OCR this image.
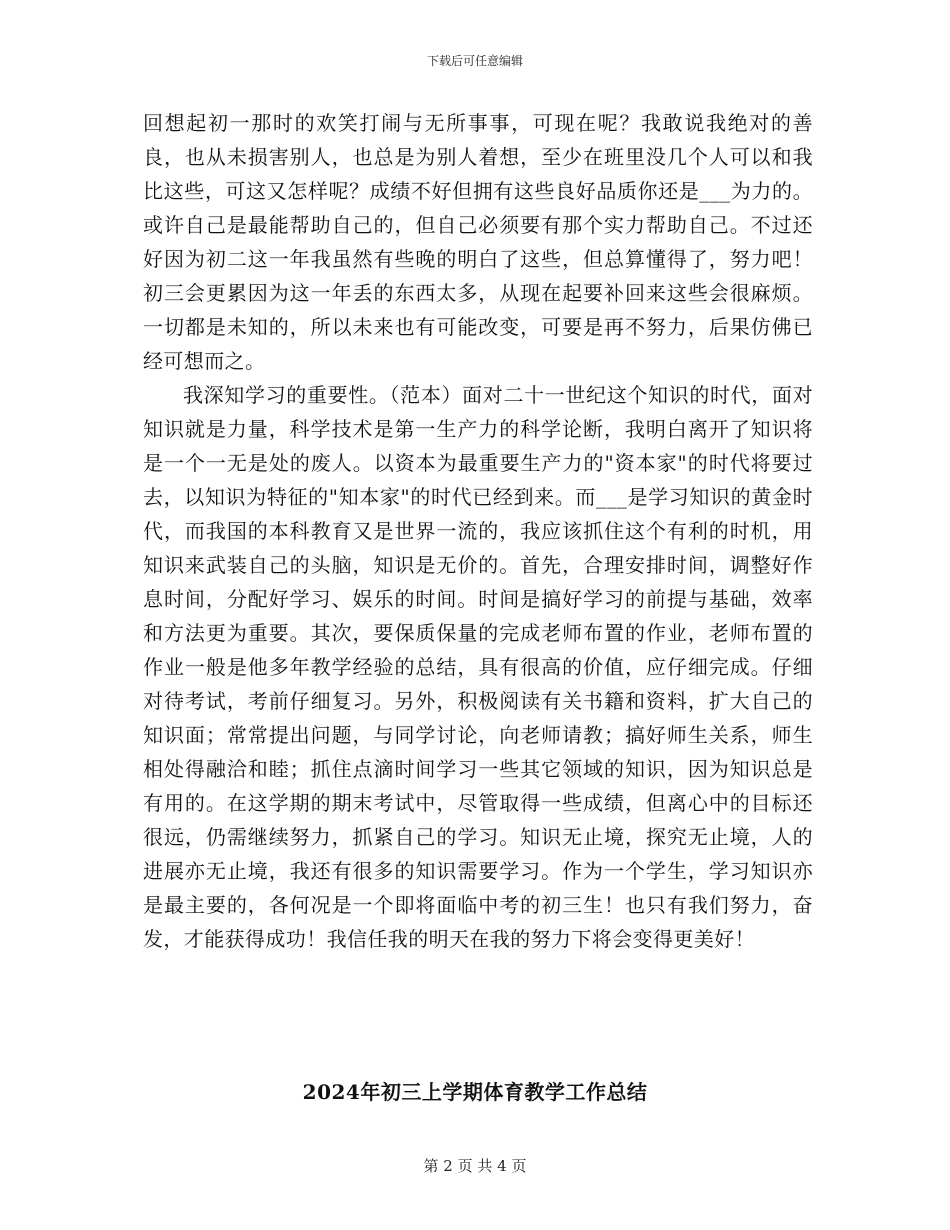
下载后可任意编辑

回想起初一那时的欢笑打闹与无所事事，可现在呢？我敢说我绝对的善良，也从未损害别人，也总是为别人着想，至少在班里没几个人可以和我比这些，可这又怎样呢？成绩不好但拥有这些良好品质你还是___为力的。或许自己是最能帮助自己的，但自己必须要有那个实力帮助自己。不过还好因为初二这一年我虽然有些晚的明白了这些，但总算懂得了，努力吧！初三会更累因为这一年丢的东西太多，从现在起要补回来这些会很麻烦。一切都是未知的，所以未来也有可能改变，可要是再不努力，后果仿佛已经可想而之。

我深知学习的重要性。（范本）面对二十一世纪这个知识的时代，面对知识就是力量，科学技术是第一生产力的科学论断，我明白离开了知识将是一个一无是处的废人。以资本为最重要生产力的"资本家"的时代将要过去，以知识为特征的"知本家"的时代已经到来。而___是学习知识的黄金时代，而我国的本科教育又是世界一流的，我应该抓住这个有利的时机，用知识来武装自己的头脑，知识是无价的。首先，合理安排时间，调整好作息时间，分配好学习、娱乐的时间。时间是搞好学习的前提与基础，效率和方法更为重要。其次，要保质保量的完成老师布置的作业，老师布置的作业一般是他多年教学经验的总结，具有很高的价值，应仔细完成。仔细对待考试，考前仔细复习。另外，积极阅读有关书籍和资料，扩大自己的知识面；常常提出问题，与同学讨论，向老师请教；搞好师生关系，师生相处得融洽和睦；抓住点滴时间学习一些其它领域的知识，因为知识总是有用的。在这学期的期末考试中，尽管取得一些成绩，但离心中的目标还很远，仍需继续努力，抓紧自己的学习。知识无止境，探究无止境，人的进展亦无止境，我还有很多的知识需要学习。作为一个学生，学习知识亦是最主要的，各何况是一个即将面临中考的初三生！也只有我们努力，奋发，才能获得成功！我信任我的明天在我的努力下将会变得更美好！

2024年初三上学期体育教学工作总结
第 2 页 共 4 页
